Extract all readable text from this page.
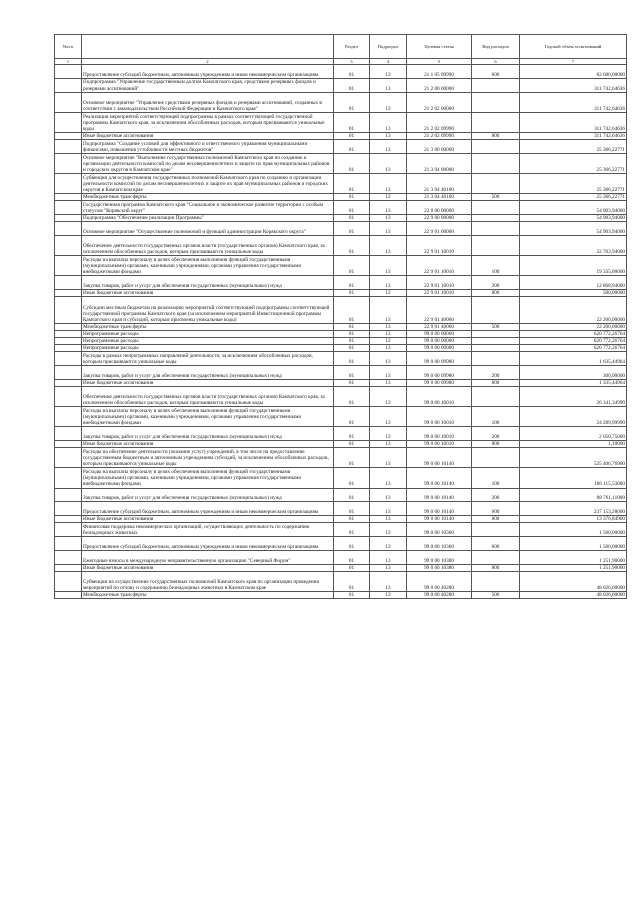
№п/п		Раздел	Подраздел	Целевая статья	Вид расходов	Годовой объем ассигнований
1	2	3	4	5	6	7
	Предоставление субсидий бюджетным, автономным учреждениям и иным некоммерческим организациям	01	13	21 1 05 09990	600	82 680,00000
	Подпрограмма "Управление государственным долгом Камчатского края, средствами резервных фондов и резервами ассигнований"	01	13	21 2 00 00000		311 742,64636
	Основное мероприятие "Управление средствами резервных фондов и резервами ассигнований, созданных в соответствии с законодательством Российской Федерации и Камчатского края"	01	13	21 2 02 00000		311 742,64636
	Реализация мероприятий соответствующей подпрограммы в рамках соответствующей государственной программы Камчатского края, за исключением обособленных расходов, которым присваиваются уникальные коды	01	13	21 2 02 09990		311 742,64636
	Иные бюджетные ассигнования	01	13	21 2 02 09990	800	311 742,64636
	Подпрограмма "Создание условий для эффективного и ответственного управления муниципальными финансами, повышения устойчивости местных бюджетов"	01	13	21 3 00 00000		25 366,22771
	Основное мероприятие "Выполнение государственных полномочий Камчатского края по созданию и организации деятельности комиссий по делам несовершеннолетних и защите их прав муниципальных районов и городских округов в Камчатском крае"	01	13	21 3 04 00000		25 366,22771
	Субвенции для осуществления государственных полномочий Камчатского края по созданию и организации деятельности комиссий по делам несовершеннолетних и защите их прав муниципальных районов и городских округов в Камчатском крае	01	13	21 3 04 40100		25 366,22771
	Межбюджетные трансферты	01	13	21 3 04 40100	500	25 366,22771
	Государственная программа Камчатского края "Социальное и экономическое развитие территории с особым статусом "Корякский округ"	01	13	22 0 00 00000		54 903,94000
	Подпрограмма "Обеспечение реализации Программы"	01	13	22 9 00 00000		54 903,94000
	Основное мероприятие "Осуществление полномочий и функций администрации Корякского округа"	01	13	22 9 01 00000		54 903,94000
	Обеспечение деятельности государственных органов власти (государственных органов) Камчатского края, за исключением обособленных расходов, которым присваиваются уникальные коды	01	13	22 9 01 10010		32 703,94000
	Расходы на выплаты персоналу в целях обеспечения выполнения функций государственными (муниципальными) органами, казенными учреждениями, органами управления государственными внебюджетными фондами	01	13	22 9 01 10010	100	19 335,00000
	Закупка товаров, работ и услуг для обеспечения государственных (муниципальных) нужд	01	13	22 9 01 10010	200	12 868,94000
	Иные бюджетные ассигнования	01	13	22 9 01 10010	800	500,00000
	Субсидии местным бюджетам на реализацию мероприятий соответствующей подпрограммы соответствующей государственной программы Камчатского края (за исключением мероприятий Инвестиционной программы Камчатского края и субсидий, которым присвоены уникальные коды)	01	13	22 9 01 40060		22 200,00000
	Межбюджетные трансферты	01	13	22 9 01 40060	500	22 200,00000
	Непрограммные расходы	01	13	99 0 00 00000		620 772,26764
	Непрограммные расходы	01	13	99 0 00 00000		620 772,26764
	Непрограммные расходы	01	13	99 0 00 00000		620 772,26764
	Расходы в рамках непрограммных направлений деятельности, за исключением обособленных расходов, которым присваиваются уникальные коды	01	13	99 0 00 09980		1 635,44964
	Закупка товаров, работ и услуг для обеспечения государственных (муниципальных) нужд	01	13	99 0 00 09980	200	300,00000
	Иные бюджетные ассигнования	01	13	99 0 00 09980	800	1 335,44964
	Обеспечение деятельности государственных органов власти (государственных органов) Камчатского края, за исключением обособленных расходов, которым присваиваются уникальные коды	01	13	99 0 00 10010		26 341,34990
	Расходы на выплаты персоналу в целях обеспечения выполнения функций государственными (муниципальными) органами, казенными учреждениями, органами управления государственными внебюджетными фондами	01	13	99 0 00 10010	100	24 289,99990
	Закупка товаров, работ и услуг для обеспечения государственных (муниципальных) нужд	01	13	99 0 00 10010	200	2 050,75000
	Иные бюджетные ассигнования	01	13	99 0 00 10010	800	1,10000
	Расходы на обеспечение деятельности (оказание услуг) учреждений, в том числе на предоставление государственным бюджетным и автономным учреждениям субсидий, за исключением обособленных расходов, которым присваиваются уникальные коды	01	13	99 0 00 10140		525 406,76900
	Расходы на выплаты персоналу в целях обеспечения выполнения функций государственными (муниципальными) органами, казенными учреждениями, органами управления государственными внебюджетными фондами	01	13	99 0 00 10140	100	186 115,53000
	Закупка товаров, работ и услуг для обеспечения государственных (муниципальных) нужд	01	13	99 0 00 10140	200	88 761,11000
	Предоставление субсидий бюджетным, автономным учреждениям и иным некоммерческим организациям	01	13	99 0 00 10140	600	237 153,28000
	Иные бюджетные ассигнования	01	13	99 0 00 10140	800	13 376,84900
	Финансовая поддержка некоммерческих организаций, осуществляющих деятельность по содержанию безнадзорных животных	01	13	99 0 00 10360		1 500,00000
	Предоставление субсидий бюджетным, автономным учреждениям и иным некоммерческим организациям	01	13	99 0 00 10360	600	1 500,00000
	Ежегодные взносы в международную неправительственную организацию "Северный Форум"	01	13	99 0 00 10380		1 251,90000
	Иные бюджетные ассигнования	01	13	99 0 00 10380	800	1 251,90000
	Субвенции на осуществление государственных полномочий Камчатского края по организации проведения мероприятий по отлову и содержанию безнадзорных животных в Камчатском крае	01	13	99 0 00 40280		48 026,60000
	Межбюджетные трансферты	01	13	99 0 00 40280	500	48 026,60000
